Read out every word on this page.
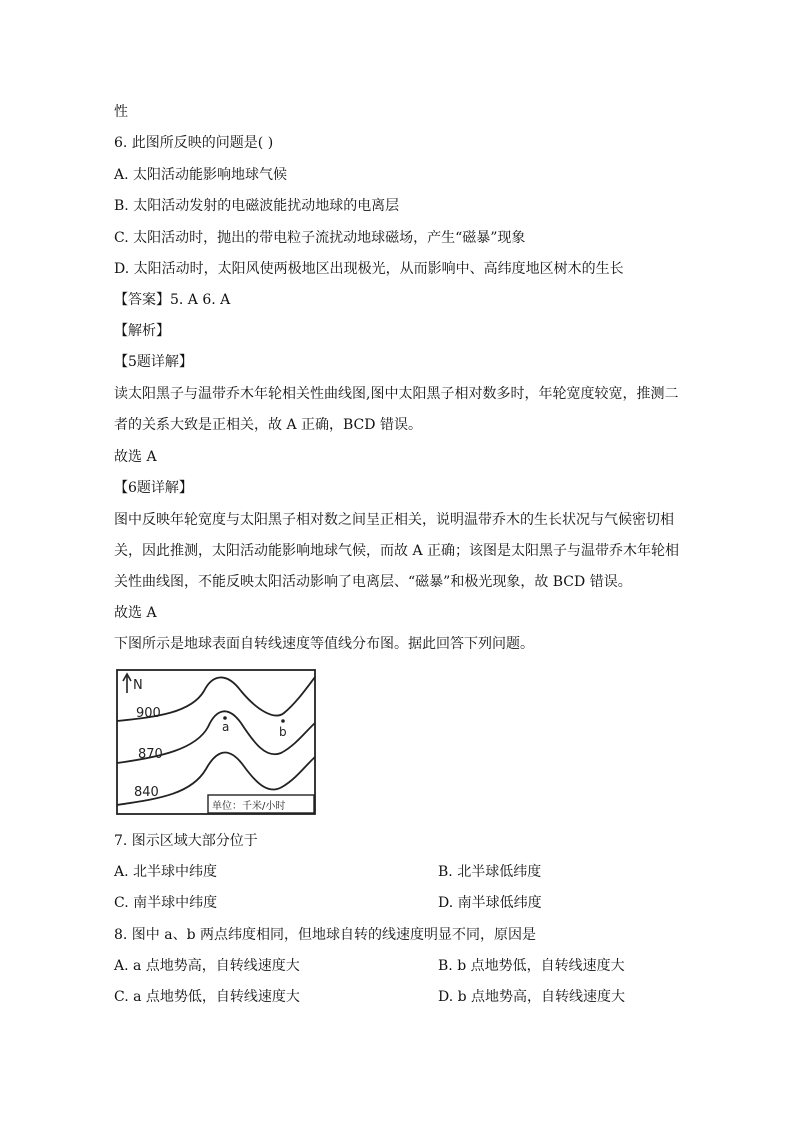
性
6. 此图所反映的问题是( )
A. 太阳活动能影响地球气候
B. 太阳活动发射的电磁波能扰动地球的电离层
C. 太阳活动时，抛出的带电粒子流扰动地球磁场，产生“磁暴”现象
D. 太阳活动时，太阳风使两极地区出现极光，从而影响中、高纬度地区树木的生长
【答案】5. A 6. A
【解析】
【5题详解】
读太阳黑子与温带乔木年轮相关性曲线图,图中太阳黑子相对数多时，年轮宽度较宽，推测二
者的关系大致是正相关，故 A 正确，BCD 错误。
故选 A
【6题详解】
图中反映年轮宽度与太阳黑子相对数之间呈正相关，说明温带乔木的生长状况与气候密切相
关，因此推测，太阳活动能影响地球气候，而故 A 正确；该图是太阳黑子与温带乔木年轮相
关性曲线图，不能反映太阳活动影响了电离层、“磁暴”和极光现象，故 BCD 错误。
故选 A
下图所示是地球表面自转线速度等值线分布图。据此回答下列问题。
N
900
870
840
a	b
单位：千米/小时
7. 图示区域大部分位于
A. 北半球中纬度	B. 北半球低纬度
C. 南半球中纬度	D. 南半球低纬度
8. 图中 a、b 两点纬度相同，但地球自转的线速度明显不同，原因是
A. a 点地势高，自转线速度大	B. b 点地势低，自转线速度大
C. a 点地势低，自转线速度大	D. b 点地势高，自转线速度大
